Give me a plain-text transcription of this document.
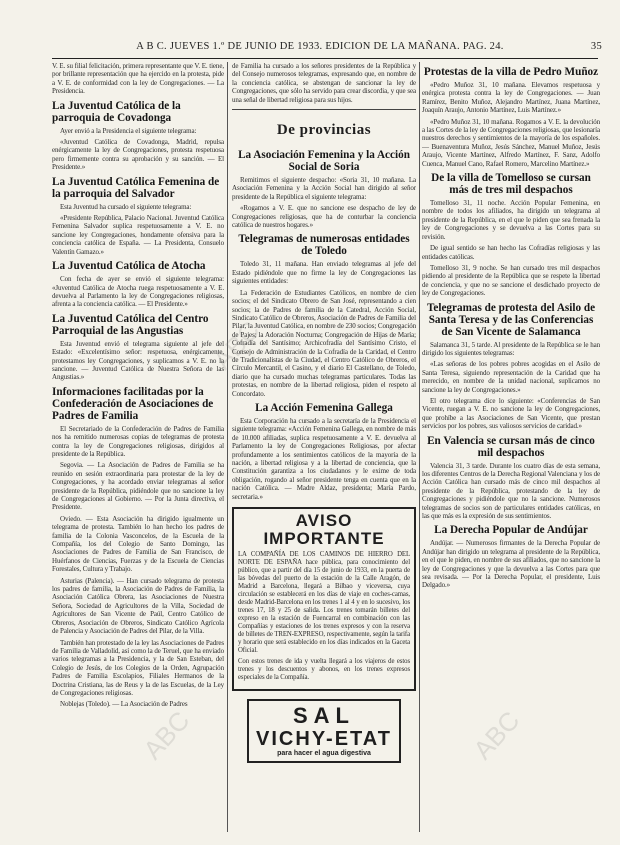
A B C. JUEVES 1.º DE JUNIO DE 1933. EDICION DE LA MAÑANA. PAG. 24.	35

V. E. su filial felicitación, primera representante que V. E. tiene, por brillante representación que ha ejercido en la protesta, pide a V. E. de conformidad con la ley de Congregaciones. — La Presidencia.

La Juventud Católica de la parroquia de Covadonga

Ayer envió a la Presidencia el siguiente telegrama:

«Juventud Católica de Covadonga, Madrid, repulsa enérgicamente la ley de Congregaciones, protesta respetuosa pero firmemente contra su aprobación y su sanción. — El Presidente.»

La Juventud Católica Femenina de la parroquia del Salvador

Esta Juventud ha cursado el siguiente telegrama:

«Presidente República, Palacio Nacional. Juventud Católica Femenina Salvador suplica respetuosamente a V. E. no sancione ley Congregaciones, hondamente ofensiva para la conciencia católica de España. — La Presidenta, Consuelo Valentín Gamazo.»

La Juventud Católica de Atocha

Con fecha de ayer se envió el siguiente telegrama: «Juventud Católica de Atocha ruega respetuosamente a V. E. devuelva al Parlamento la ley de Congregaciones religiosas, afrenta a la conciencia católica. — El Presidente.»

La Juventud Católica del Centro Parroquial de las Angustias

Esta Juventud envió el telegrama siguiente al jefe del Estado: «Excelentísimo señor: respetuosa, enérgicamente, protestamos ley Congregaciones, y suplicamos a V. E. no la sancione. — Juventud Católica de Nuestra Señora de las Angustias.»

Informaciones facilitadas por la Confederación de Asociaciones de Padres de Familia

El Secretariado de la Confederación de Padres de Familia nos ha remitido numerosas copias de telegramas de protesta contra la ley de Congregaciones religiosas, dirigidos al presidente de la República.

Segovia. — La Asociación de Padres de Familia se ha reunido en sesión extraordinaria para protestar de la ley de Congregaciones, y ha acordado enviar telegramas al señor presidente de la República, pidiéndole que no sancione la ley de Congregaciones al Gobierno. — Por la Junta directiva, el Presidente.

Oviedo. — Esta Asociación ha dirigido igualmente un telegrama de protesta. También lo han hecho los padres de familia de la Colonia Vasconcelos, de la Escuela de la Compañía, los del Colegio de Santo Domingo, las Asociaciones de Padres de Familia de San Francisco, de Huérfanos de Ciencias, Fuerzas y de la Escuela de Ciencias Forestales, Cultura y Trabajo.

Asturias (Palencia). — Han cursado telegrama de protesta los padres de familia, la Asociación de Padres de Familia, la Asociación Católica Obrera, las Asociaciones de Nuestra Señora, Sociedad de Agricultores de la Villa, Sociedad de Agricultores de San Vicente de Paúl, Centro Católico de Obreros, Asociación de Obreros, Sindicato Católico Agrícola de Palencia y Asociación de Padres del Pilar, de la Villa.

También han protestado de la ley las Asociaciones de Padres de Familia de Valladolid, así como la de Teruel, que ha enviado varios telegramas a la Presidencia, y la de San Esteban, del Colegio de Jesús, de los Colegios de la Orden, Agrupación Padres de Familia Escolapios, Filiales Hermanos de la Doctrina Cristiana, las de Reus y la de las Escuelas, de la Ley de Congregaciones religiosas.

Noblejas (Toledo). — La Asociación de Padres

de Familia ha cursado a los señores presidentes de la República y del Consejo numerosos telegramas, expresando que, en nombre de la conciencia católica, se abstengan de sancionar la ley de Congregaciones, que sólo ha servido para crear discordia, y que sea una señal de libertad religiosa para sus hijos.

De provincias
La Asociación Femenina y la Acción Social de Soria

Remitimos el siguiente despacho: «Soria 31, 10 mañana. La Asociación Femenina y la Acción Social han dirigido al señor presidente de la República el siguiente telegrama:

«Rogamos a V. E. que no sancione ese despacho de ley de Congregaciones religiosas, que ha de conturbar la conciencia católica de nuestros hogares.»

Telegramas de numerosas entidades de Toledo

Toledo 31, 11 mañana. Han enviado telegramas al jefe del Estado pidiéndole que no firme la ley de Congregaciones las siguientes entidades:

La Federación de Estudiantes Católicos, en nombre de cien socios; el del Sindicato Obrero de San José, representando a cien socios; la de Padres de familia de la Catedral, Acción Social, Sindicato Católico de Obreros, Asociación de Padres de Familia del Pilar, la Juventud Católica, en nombre de 230 socios; Congregación de Pajes; la Adoración Nocturna; Congregación de Hijas de María; Cofradía del Santísimo; Archicofradía del Santísimo Cristo, el Consejo de Administración de la Cofradía de la Caridad, el Centro de Tradicionalistas de la Ciudad, el Centro Católico de Obreros, el Círculo Mercantil, el Casino, y el diario El Castellano, de Toledo, diario que ha cursado muchas telegramas particulares. Todas las protestas, en nombre de la libertad religiosa, piden el respeto al Concordato.

La Acción Femenina Gallega

Esta Corporación ha cursado a la secretaría de la Presidencia el siguiente telegrama: «Acción Femenina Gallega, en nombre de más de 10.000 afiliadas, suplica respetuosamente a V. E. devuelva al Parlamento la ley de Congregaciones Religiosas, por afectar profundamente a los sentimientos católicos de la mayoría de la nación, a libertad religiosa y a la libertad de conciencia, que la Constitución garantiza a los ciudadanos y le exime de toda obligación, rogando al señor presidente tenga en cuenta que en la nación Católica. — Madre Aldaz, presidenta; María Pardo, secretaria.»

AVISO IMPORTANTE

LA COMPAÑÍA DE LOS CAMINOS DE HIERRO DEL NORTE DE ESPAÑA hace pública, para conocimiento del público, que a partir del día 15 de junio de 1933, en la puerta de las bóvedas del puerto de la estación de la Calle Aragón, de Madrid a Barcelona, llegará a Bilbao y viceversa, cuya circulación se establecerá en los días de viaje en coches-camas, desde Madrid-Barcelona en los trenes 1 al 4 y en lo sucesivo, los trenes 17, 18 y 25 de salida. Los trenes tomarán billetes del expreso en la estación de Fuencarral en combinación con las Compañías y estaciones de los trenes expresos y con la reserva de billetes de TREN-EXPRESO, respectivamente, según la tarifa y horario que será establecido en los días indicados en la Gaceta Oficial.

Con estos trenes de ida y vuelta llegará a los viajeros de estos trenes y los descuentos y abonos, en los trenes expresos especiales de la Compañía.

SAL
VICHY-ETAT
para hacer el agua digestiva
Protestas de la villa de Pedro Muñoz

«Pedro Muñoz 31, 10 mañana. Elevamos respetuosa y enérgica protesta contra la ley de Congregaciones. — Juan Ramírez, Benito Muñoz, Alejandro Martínez, Juana Martínez, Joaquín Araujo, Antonio Martínez, Luis Martínez.»

«Pedro Muñoz 31, 10 mañana. Rogamos a V. E. la devolución a las Cortes de la ley de Congregaciones religiosas, que lesionaría nuestros derechos y sentimientos de la mayoría de los españoles. — Buenaventura Muñoz, Jesús Sánchez, Manuel Muñoz, Jesús Araujo, Vicente Martínez, Alfredo Martínez, F. Sanz, Adolfo Cuenca, Manuel Cano, Rafael Romero, Marcelino Martínez.»

De la villa de Tomelloso se cursan más de tres mil despachos

Tomelloso 31, 11 noche. Acción Popular Femenina, en nombre de todos los afiliados, ha dirigido un telegrama al presidente de la República, en el que le piden que sea frenada la ley de Congregaciones y se devuelva a las Cortes para su revisión.

De igual sentido se han hecho las Cofradías religiosas y las entidades católicas.

Tomelloso 31, 9 noche. Se han cursado tres mil despachos pidiendo al presidente de la República que se respete la libertad de conciencia, y que no se sancione el desdichado proyecto de ley de Congregaciones.

Telegramas de protesta del Asilo de Santa Teresa y de las Conferencias de San Vicente de Salamanca

Salamanca 31, 5 tarde. Al presidente de la República se le han dirigido los siguientes telegramas:

«Las señoras de los pobres pobres acogidas en el Asilo de Santa Teresa, siguiendo representación de la Caridad que ha merecido, en nombre de la unidad nacional, suplicamos no sancione la ley de Congregaciones.»

El otro telegrama dice lo siguiente: «Conferencias de San Vicente, ruegan a V. E. no sancione la ley de Congregaciones, que prohíbe a las Asociaciones de San Vicente, que prestan servicios por los pobres, sus valiosos servicios de caridad.»

En Valencia se cursan más de cinco mil despachos

Valencia 31, 3 tarde. Durante los cuatro días de esta semana, los diferentes Centros de la Derecha Regional Valenciana y los de Acción Católica han cursado más de cinco mil despachos al presidente de la República, protestando de la ley de Congregaciones y pidiéndole que no la sancione. Numerosos telegramas de socios son de particulares entidades católicas, en las que más es la expresión de sus sentimientos.

La Derecha Popular de Andújar

Andújar. — Numerosos firmantes de la Derecha Popular de Andújar han dirigido un telegrama al presidente de la República, en el que le piden, en nombre de sus afiliados, que no sancione la ley de Congregaciones y que la devuelva a las Cortes para que sea revisada. — Por la Derecha Popular, el presidente, Luis Delgado.»

ABC
ABC	ABC
